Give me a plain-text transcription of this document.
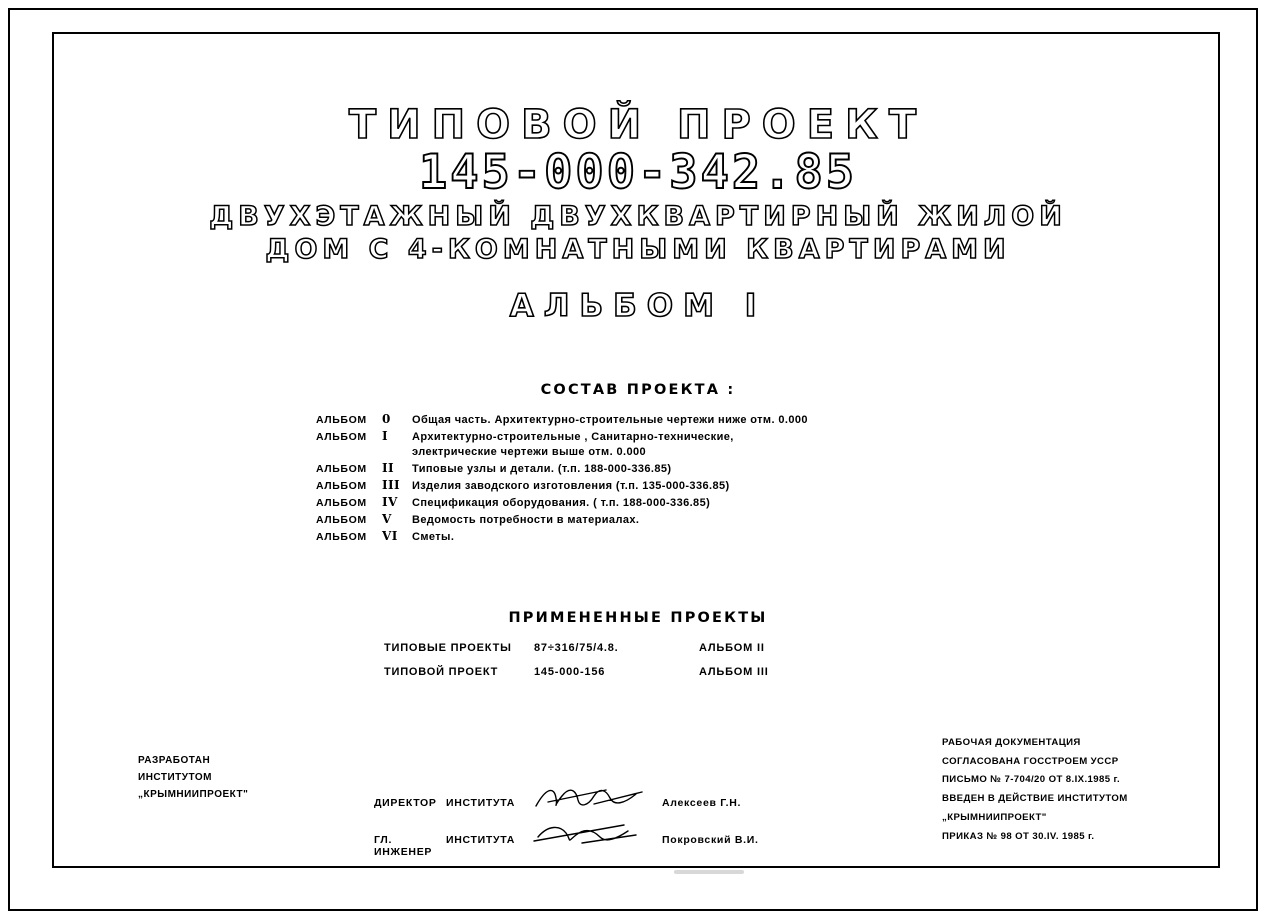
ТИПОВОЙ ПРОЕКТ
145-000-342.85
ДВУХЭТАЖНЫЙ ДВУХКВАРТИРНЫЙ ЖИЛОЙ
ДОМ С 4-КОМНАТНЫМИ КВАРТИРАМИ
АЛЬБОМ I
СОСТАВ ПРОЕКТА :
АЛЬБОМ	0	Общая часть. Архитектурно-строительные чертежи ниже отм. 0.000
АЛЬБОМ	I	Архитектурно-строительные , Санитарно-технические,
электрические чертежи выше отм. 0.000
АЛЬБОМ	II	Типовые узлы и детали. (т.п. 188-000-336.85)
АЛЬБОМ	III	Изделия заводского изготовления (т.п. 135-000-336.85)
АЛЬБОМ	IV	Спецификация оборудования. ( т.п. 188-000-336.85)
АЛЬБОМ	V	Ведомость потребности в материалах.
АЛЬБОМ	VI	Сметы.
ПРИМЕНЕННЫЕ ПРОЕКТЫ
ТИПОВЫЕ ПРОЕКТЫ	87÷316/75/4.8.	АЛЬБОМ II
ТИПОВОЙ ПРОЕКТ	145-000-156	АЛЬБОМ III
РАЗРАБОТАН
ИНСТИТУТОМ
„КРЫМНИИПРОЕКТ"
ДИРЕКТОР ИНСТИТУТА	Алексеев Г.Н.
ГЛ. ИНЖЕНЕР
ИНСТИТУТА	Покровский В.И.
РАБОЧАЯ ДОКУМЕНТАЦИЯ
СОГЛАСОВАНА ГОССТРОЕМ УССР
ПИСЬМО № 7-704/20 ОТ 8.IX.1985 г.
ВВЕДЕН В ДЕЙСТВИЕ ИНСТИТУТОМ
„КРЫМНИИПРОЕКТ"
ПРИКАЗ № 98 ОТ 30.IV. 1985 г.
